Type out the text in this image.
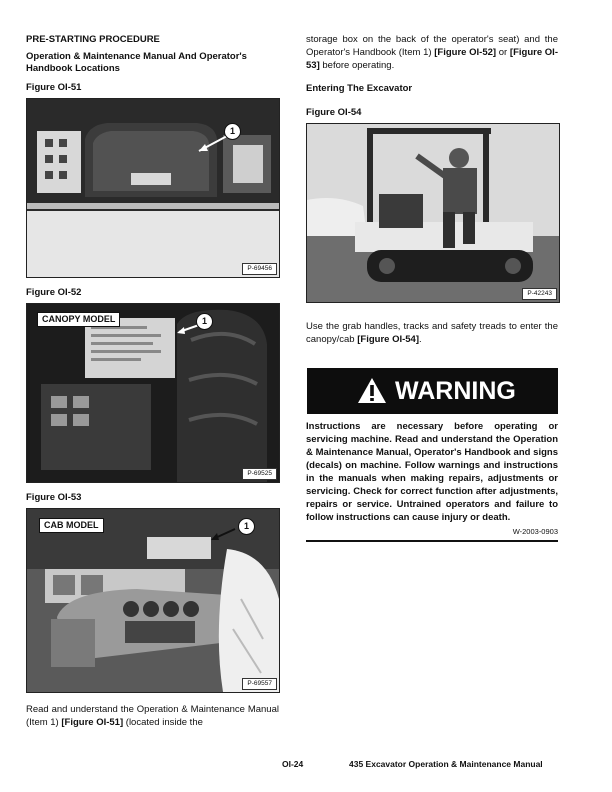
PRE-STARTING PROCEDURE
Operation & Maintenance Manual And Operator's Handbook Locations
Figure OI-51
1
P-69456
Figure OI-52
CANOPY MODEL	1
P-69525
Figure OI-53
CAB MODEL	1
P-69557
Read and understand the Operation & Maintenance Manual (Item 1) [Figure OI-51] (located inside the
storage box on the back of the operator's seat) and the Operator's Handbook (Item 1) [Figure OI-52] or [Figure OI-53] before operating.
Entering The Excavator
Figure OI-54
P-42243
Use the grab handles, tracks and safety treads to enter the canopy/cab [Figure OI-54].
WARNING
Instructions are necessary before operating or servicing machine. Read and understand the Operation & Maintenance Manual, Operator's Handbook and signs (decals) on machine. Follow warnings and instructions in the manuals when making repairs, adjustments or servicing. Check for correct function after adjustments, repairs or service. Untrained operators and failure to follow instructions can cause injury or death.
W-2003-0903
OI-24	435 Excavator Operation & Maintenance Manual
